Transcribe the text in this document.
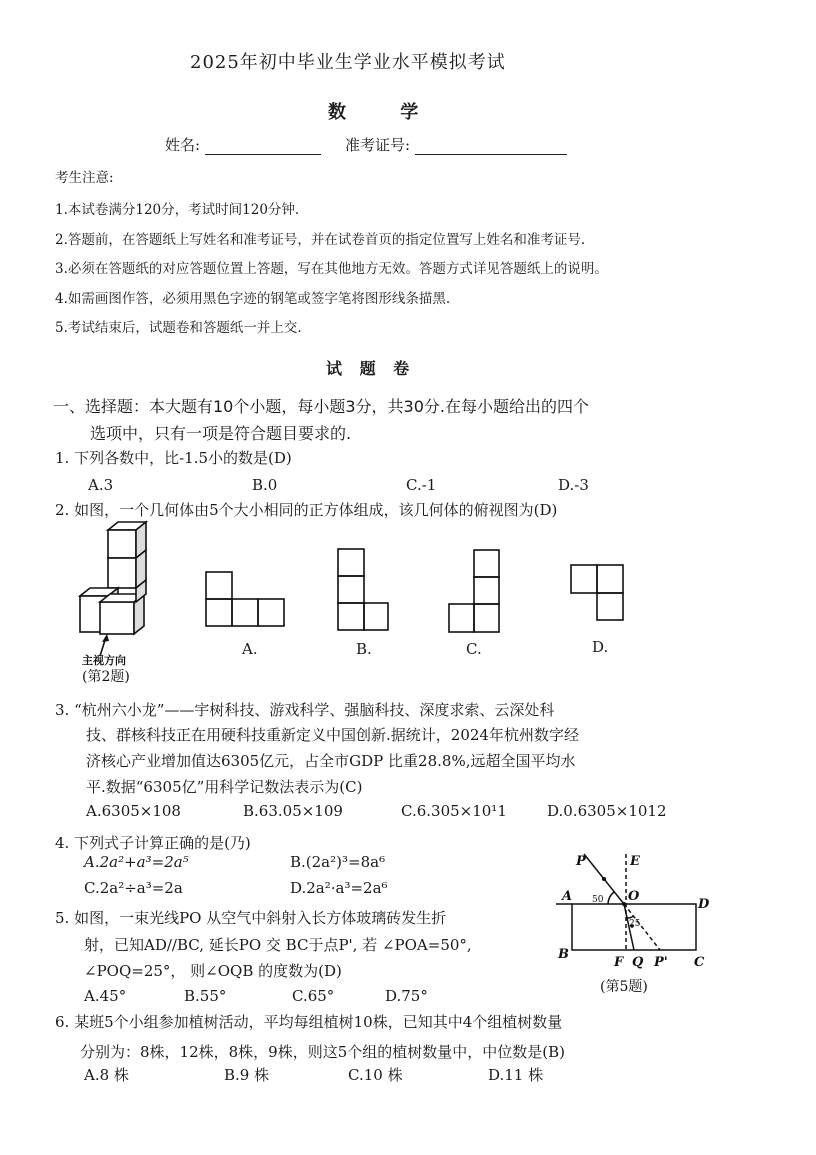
2025年初中毕业生学业水平模拟考试
数 学
姓名:	准考证号:
考生注意:
1.本试卷满分120分，考试时间120分钟.
2.答题前，在答题纸上写姓名和准考证号，并在试卷首页的指定位置写上姓名和准考证号.
3.必须在答题纸的对应答题位置上答题，写在其他地方无效。答题方式详见答题纸上的说明。
4.如需画图作答，必须用黑色字迹的钢笔或签字笔将图形线条描黑.
5.考试结束后，试题卷和答题纸一并上交.
试 题 卷
一、选择题：本大题有10个小题，每小题3分，共30分.在每小题给出的四个
选项中，只有一项是符合题目要求的.
1. 下列各数中，比-1.5小的数是(D)
A.3	B.0	C.-1	D.-3
2. 如图，一个几何体由5个大小相同的正方体组成，该几何体的俯视图为(D)
主视方向
(第2题)
A.	B.	C.	D.
3. “杭州六小龙”——宇树科技、游戏科学、强脑科技、深度求索、云深处科
技、群核科技正在用硬科技重新定义中国创新.据统计，2024年杭州数字经
济核心产业增加值达6305亿元，占全市GDP 比重28.8%,远超全国平均水
平.数据“6305亿”用科学记数法表示为(C)
A.6305×108	B.63.05×109	C.6.305×10¹1	D.0.6305×1012
4. 下列式子计算正确的是(乃)
A.2a²+a³=2a⁵	B.(2a²)³=8a⁶
C.2a²÷a³=2a	D.2a²·a³=2a⁶
5. 如图，一束光线PO 从空气中斜射入长方体玻璃砖发生折
射，已知AD//BC, 延长PO 交 BC于点P', 若 ∠POA=50°,
∠POQ=25°， 则∠OQB 的度数为(D)
A.45°	B.55°	C.65°	D.75°
P	E
A	O
D
B
F Q P' C
50
25
(第5题)
6. 某班5个小组参加植树活动，平均每组植树10株，已知其中4个组植树数量
分别为：8株，12株，8株，9株，则这5个组的植树数量中，中位数是(B)
A.8 株	B.9 株	C.10 株	D.11 株
